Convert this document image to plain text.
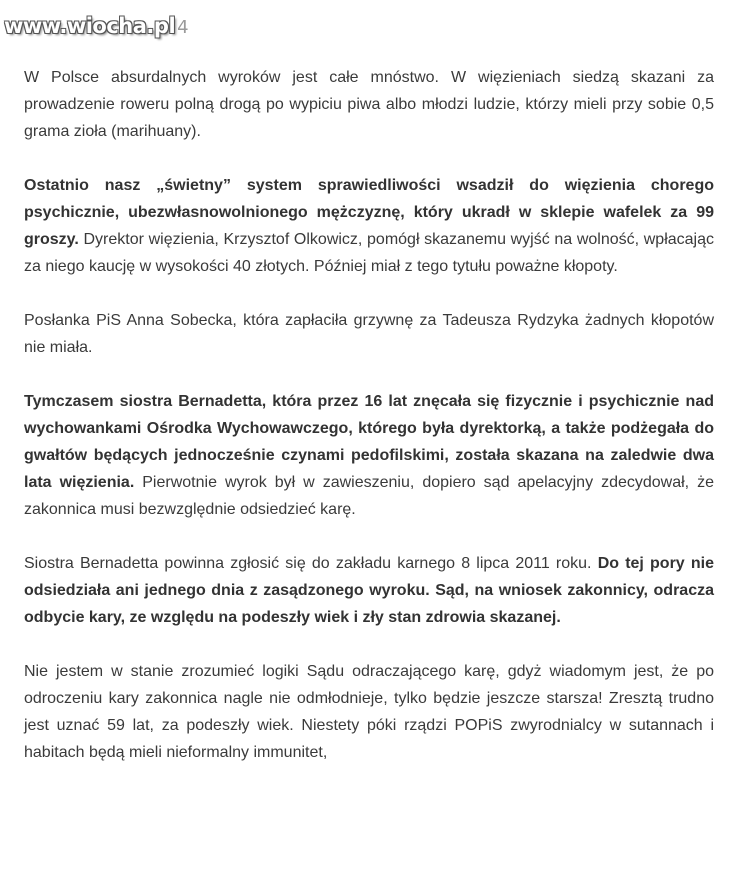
www.wiocha.pl 4

W Polsce absurdalnych wyroków jest całe mnóstwo. W więzieniach siedzą skazani za prowadzenie roweru polną drogą po wypiciu piwa albo młodzi ludzie, którzy mieli przy sobie 0,5 grama zioła (marihuany).

Ostatnio nasz „świetny” system sprawiedliwości wsadził do więzienia chorego psychicznie, ubezwłasnowolnionego mężczyznę, który ukradł w sklepie wafelek za 99 groszy. Dyrektor więzienia, Krzysztof Olkowicz, pomógł skazanemu wyjść na wolność, wpłacając za niego kaucję w wysokości 40 złotych. Później miał z tego tytułu poważne kłopoty.

Posłanka PiS Anna Sobecka, która zapłaciła grzywnę za Tadeusza Rydzyka żadnych kłopotów nie miała.

Tymczasem siostra Bernadetta, która przez 16 lat znęcała się fizycznie i psychicznie nad wychowankami Ośrodka Wychowawczego, którego była dyrektorką, a także podżegała do gwałtów będących jednocześnie czynami pedofilskimi, została skazana na zaledwie dwa lata więzienia. Pierwotnie wyrok był w zawieszeniu, dopiero sąd apelacyjny zdecydował, że zakonnica musi bezwzględnie odsiedzieć karę.

Siostra Bernadetta powinna zgłosić się do zakładu karnego 8 lipca 2011 roku. Do tej pory nie odsiedziała ani jednego dnia z zasądzonego wyroku. Sąd, na wniosek zakonnicy, odracza odbycie kary, ze względu na podeszły wiek i zły stan zdrowia skazanej.

Nie jestem w stanie zrozumieć logiki Sądu odraczającego karę, gdyż wiadomym jest, że po odroczeniu kary zakonnica nagle nie odmłodnieje, tylko będzie jeszcze starsza! Zresztą trudno jest uznać 59 lat, za podeszły wiek. Niestety póki rządzi POPiS zwyrodnialcy w sutannach i habitach będą mieli nieformalny immunitet,
